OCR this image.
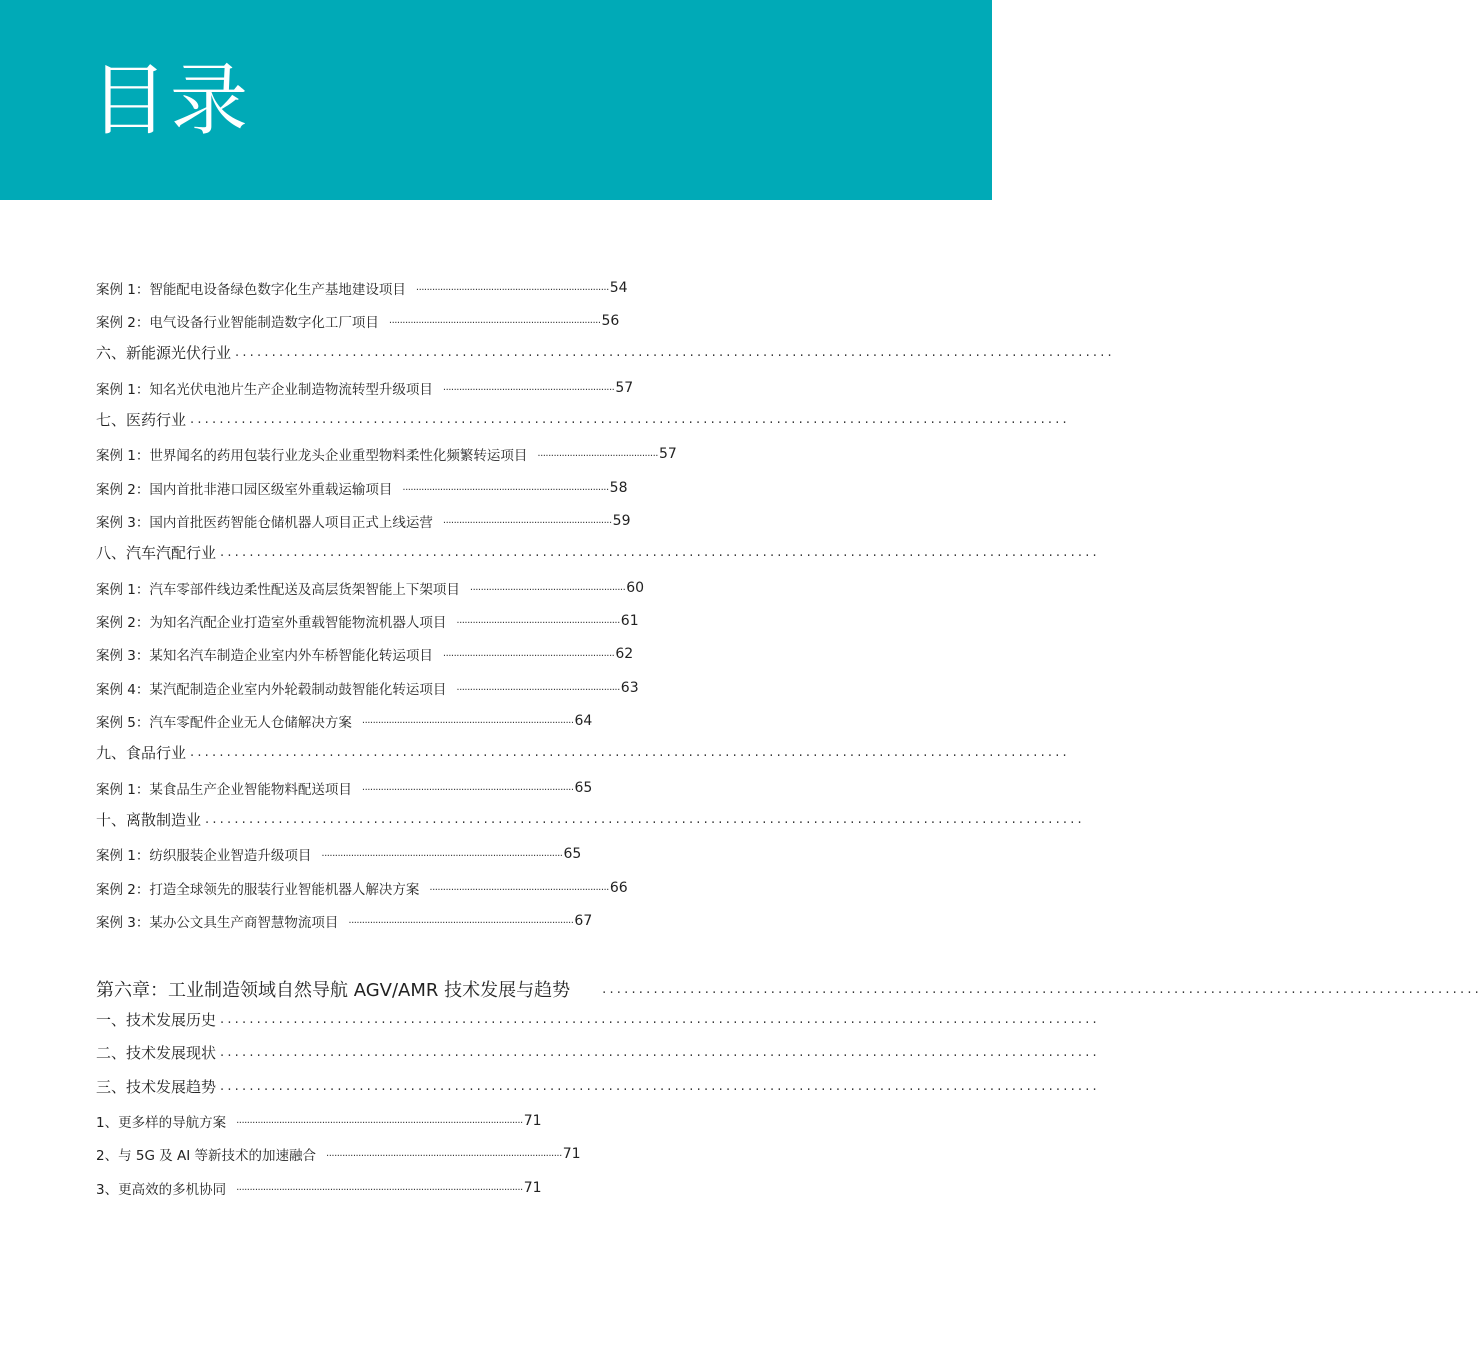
目录
案例 1：智能配电设备绿色数字化生产基地建设项目 ........................................................................ 54
案例 2：电气设备行业智能制造数字化工厂项目 ............................................................................... 56
六、新能源光伏行业 ........................................................................................................................
案例 1：知名光伏电池片生产企业制造物流转型升级项目 ................................................................ 57
七、医药行业 ........................................................................................................................
案例 1：世界闻名的药用包装行业龙头企业重型物料柔性化频繁转运项目 ............................................. 57
案例 2：国内首批非港口园区级室外重载运输项目 ............................................................................. 58
案例 3：国内首批医药智能仓储机器人项目正式上线运营 ............................................................... 59
八、汽车汽配行业 ........................................................................................................................
案例 1：汽车零部件线边柔性配送及高层货架智能上下架项目 .......................................................... 60
案例 2：为知名汽配企业打造室外重载智能物流机器人项目 ............................................................. 61
案例 3：某知名汽车制造企业室内外车桥智能化转运项目 ................................................................ 62
案例 4：某汽配制造企业室内外轮毂制动鼓智能化转运项目 ............................................................. 63
案例 5：汽车零配件企业无人仓储解决方案 ............................................................................... 64
九、食品行业 ........................................................................................................................
案例 1：某食品生产企业智能物料配送项目 ............................................................................... 65
十、离散制造业 ........................................................................................................................
案例 1：纺织服装企业智造升级项目 .......................................................................................... 65
案例 2：打造全球领先的服装行业智能机器人解决方案 ................................................................... 66
案例 3：某办公文具生产商智慧物流项目 .................................................................................... 67
第六章：工业制造领域自然导航 AGV/AMR 技术发展与趋势 ........................................................................................................................
一、技术发展历史 ........................................................................................................................
二、技术发展现状 ........................................................................................................................
三、技术发展趋势 ........................................................................................................................
1、更多样的导航方案 ........................................................................................................... 71
2、与 5G 及 AI 等新技术的加速融合 ........................................................................................ 71
3、更高效的多机协同 ........................................................................................................... 71
